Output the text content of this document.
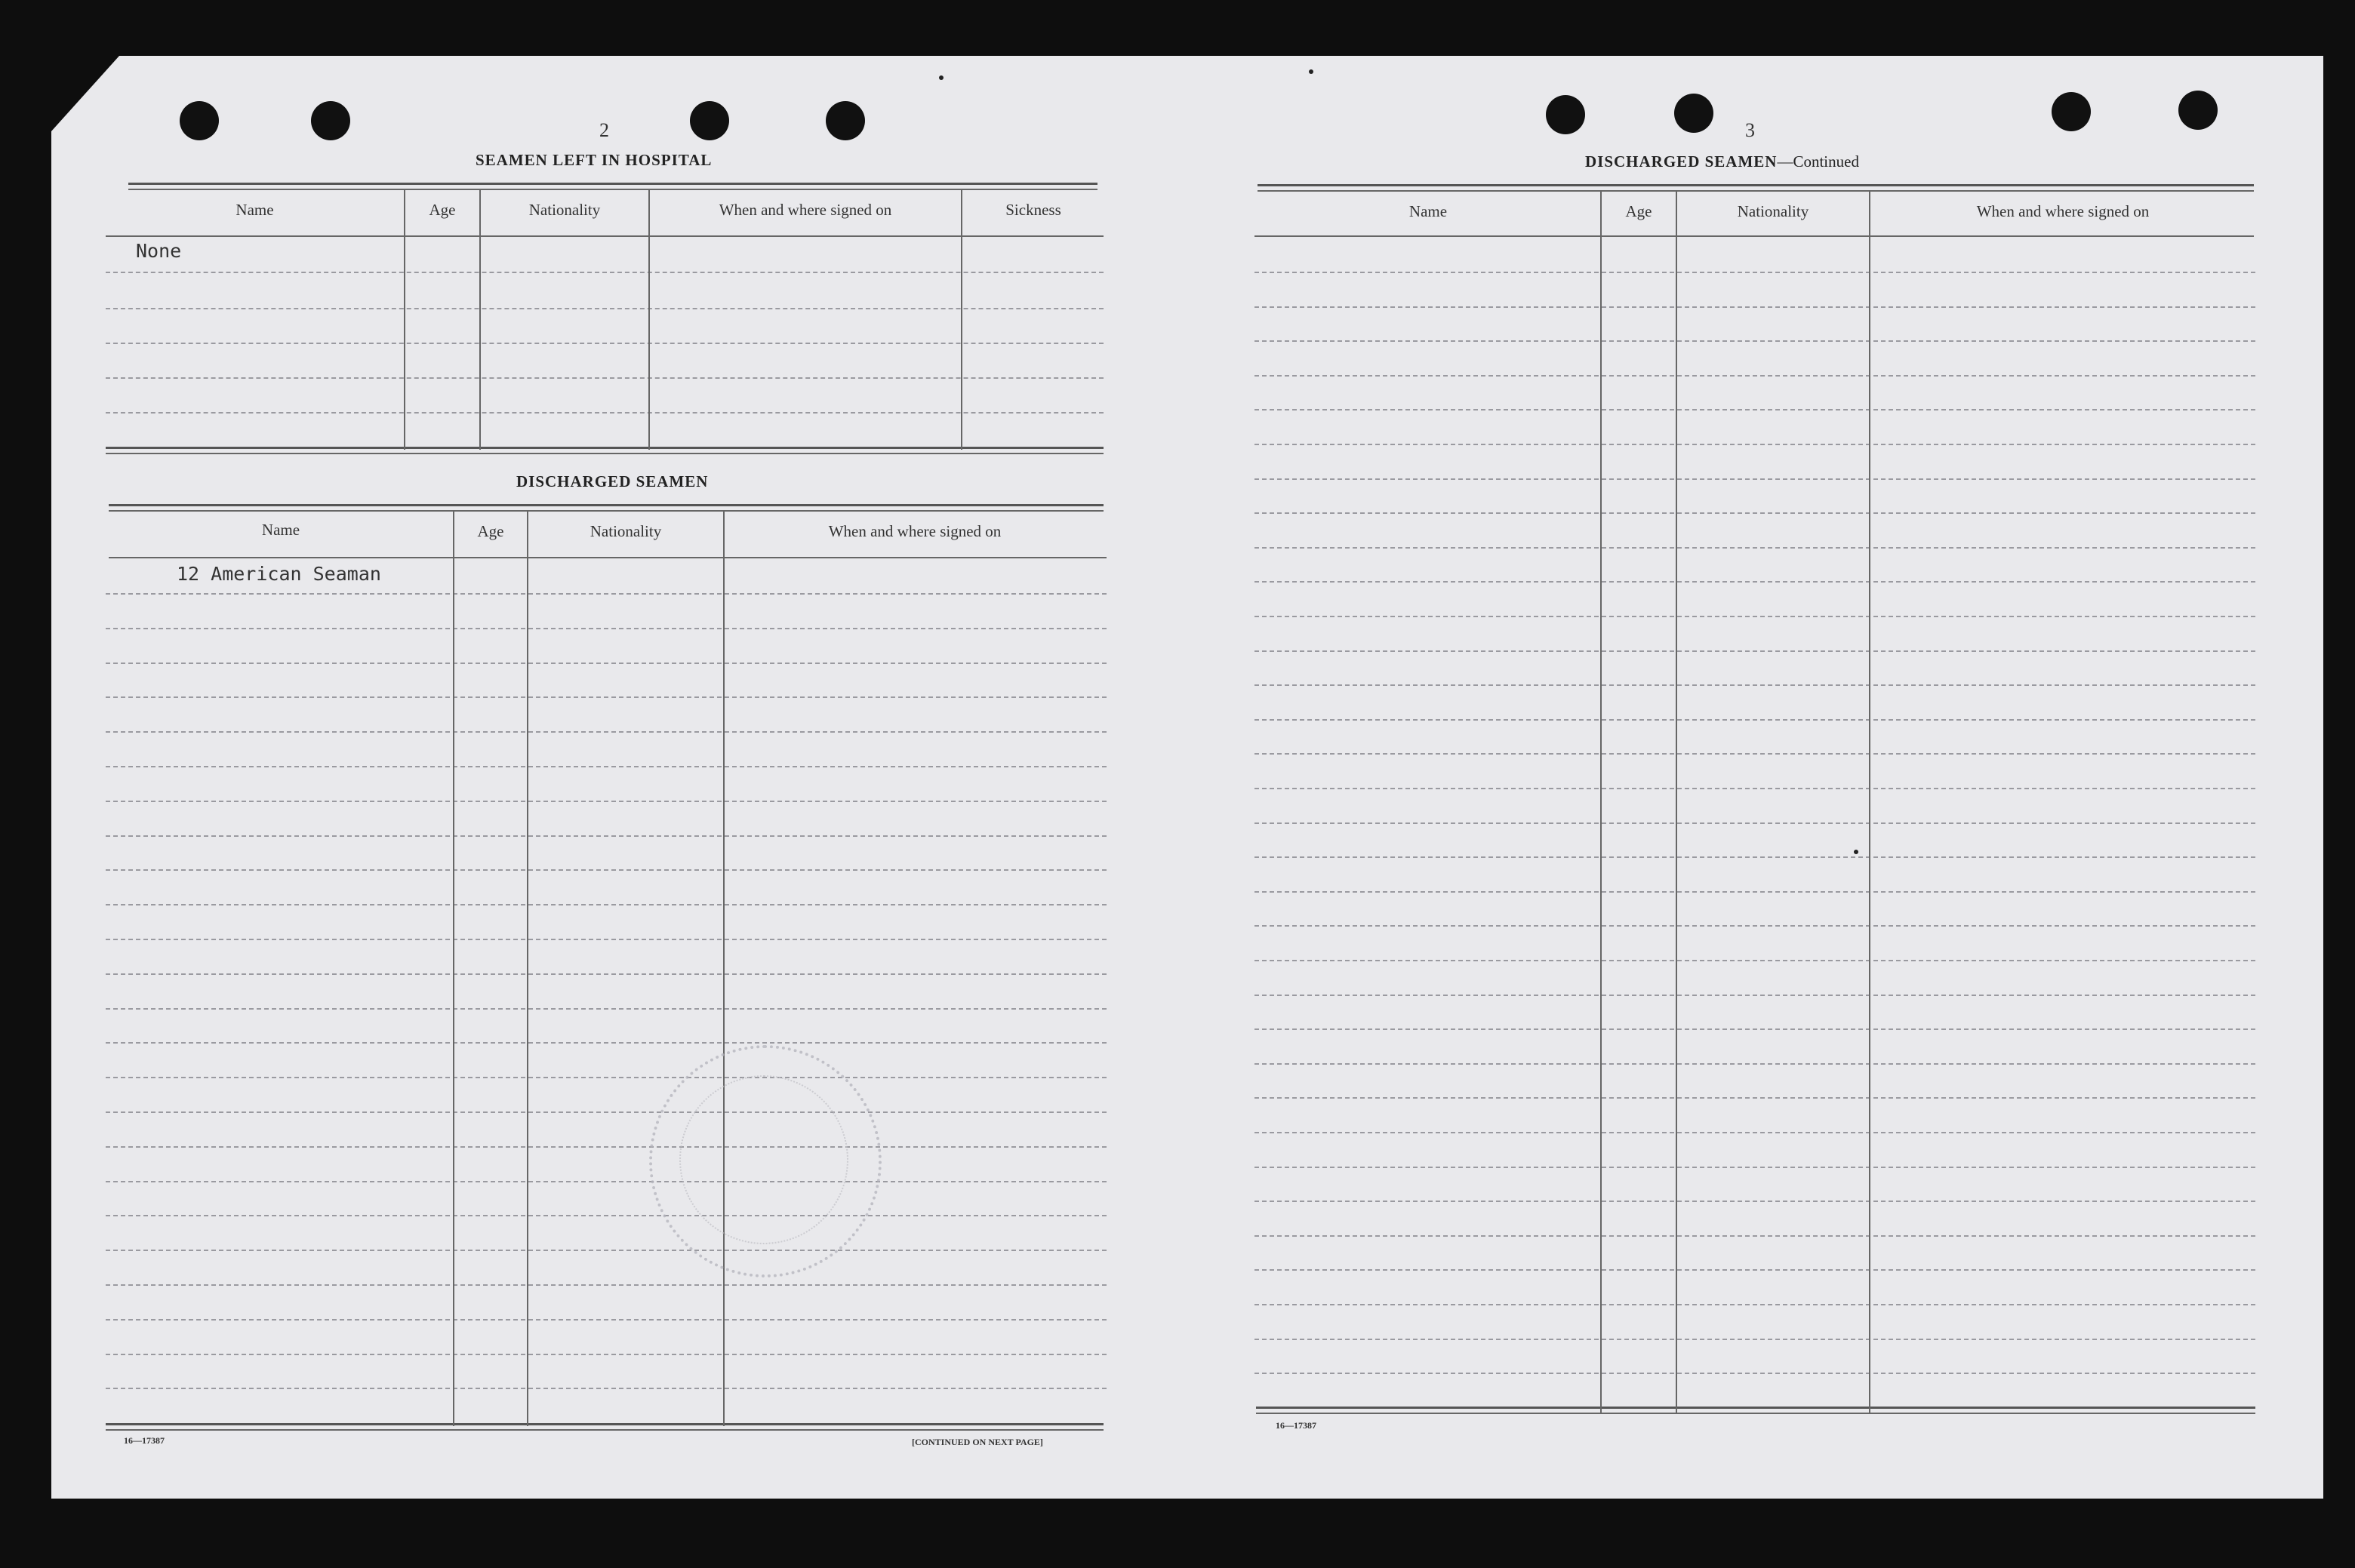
2
SEAMEN LEFT IN HOSPITAL
Name	Age	Nationality	When and where signed on	Sickness
None
DISCHARGED SEAMEN
Name	Age	Nationality	When and where signed on
12 American Seaman
16—17387	[CONTINUED ON NEXT PAGE]
3
DISCHARGED SEAMEN—Continued
Name	Age	Nationality	When and where signed on
16—17387
